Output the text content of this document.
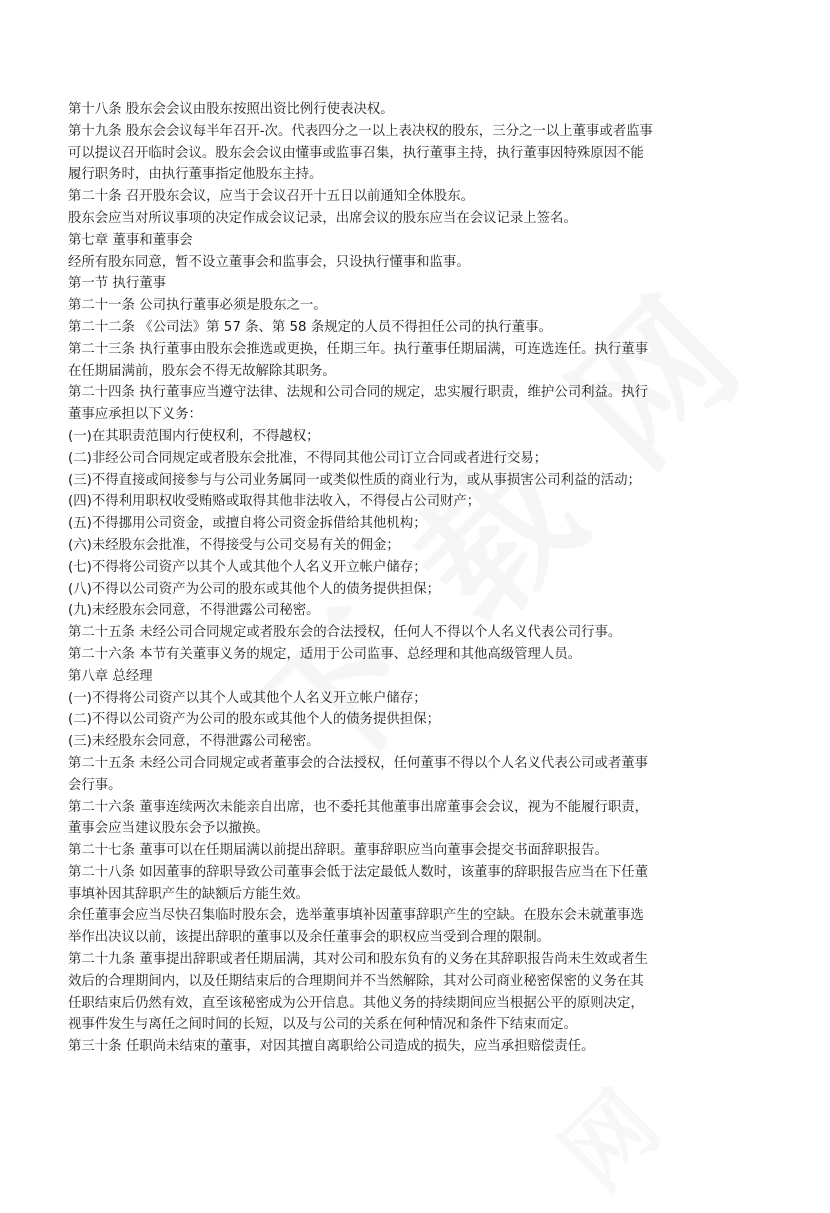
第十八条 股东会会议由股东按照出资比例行使表决权。
第十九条 股东会会议每半年召开-次。代表四分之一以上表决权的股东，三分之一以上董事或者监事
可以提议召开临时会议。股东会会议由懂事或监事召集，执行董事主持，执行董事因特殊原因不能
履行职务时，由执行董事指定他股东主持。
第二十条 召开股东会议，应当于会议召开十五日以前通知全体股东。
股东会应当对所议事项的决定作成会议记录，出席会议的股东应当在会议记录上签名。
第七章 董事和董事会
经所有股东同意，暂不设立董事会和监事会，只设执行懂事和监事。
第一节 执行董事
第二十一条 公司执行董事必须是股东之一。
第二十二条 《公司法》第 57 条、第 58 条规定的人员不得担任公司的执行董事。
第二十三条 执行董事由股东会推选或更换，任期三年。执行董事任期届满，可连选连任。执行董事
在任期届满前，股东会不得无故解除其职务。
第二十四条 执行董事应当遵守法律、法规和公司合同的规定，忠实履行职责，维护公司利益。执行
董事应承担以下义务：
(一)在其职责范围内行使权利，不得越权；
(二)非经公司合同规定或者股东会批准，不得同其他公司订立合同或者进行交易；
(三)不得直接或间接参与与公司业务属同一或类似性质的商业行为，或从事损害公司利益的活动；
(四)不得利用职权收受贿赂或取得其他非法收入，不得侵占公司财产；
(五)不得挪用公司资金，或擅自将公司资金拆借给其他机构；
(六)未经股东会批准，不得接受与公司交易有关的佣金；
(七)不得将公司资产以其个人或其他个人名义开立帐户储存；
(八)不得以公司资产为公司的股东或其他个人的债务提供担保；
(九)未经股东会同意，不得泄露公司秘密。
第二十五条 未经公司合同规定或者股东会的合法授权，任何人不得以个人名义代表公司行事。
第二十六条 本节有关董事义务的规定，适用于公司监事、总经理和其他高级管理人员。
第八章 总经理
(一)不得将公司资产以其个人或其他个人名义开立帐户储存；
(二)不得以公司资产为公司的股东或其他个人的债务提供担保；
(三)未经股东会同意，不得泄露公司秘密。
第二十五条 未经公司合同规定或者董事会的合法授权，任何董事不得以个人名义代表公司或者董事
会行事。
第二十六条 董事连续两次未能亲自出席，也不委托其他董事出席董事会会议，视为不能履行职责，
董事会应当建议股东会予以撤换。
第二十七条 董事可以在任期届满以前提出辞职。董事辞职应当向董事会提交书面辞职报告。
第二十八条 如因董事的辞职导致公司董事会低于法定最低人数时，该董事的辞职报告应当在下任董
事填补因其辞职产生的缺额后方能生效。
余任董事会应当尽快召集临时股东会，选举董事填补因董事辞职产生的空缺。在股东会未就董事选
举作出决议以前，该提出辞职的董事以及余任董事会的职权应当受到合理的限制。
第二十九条 董事提出辞职或者任期届满，其对公司和股东负有的义务在其辞职报告尚未生效或者生
效后的合理期间内，以及任期结束后的合理期间并不当然解除，其对公司商业秘密保密的义务在其
任职结束后仍然有效，直至该秘密成为公开信息。其他义务的持续期间应当根据公平的原则决定，
视事件发生与离任之间时间的长短，以及与公司的关系在何种情况和条件下结束而定。
第三十条 任职尚未结束的董事，对因其擅自离职给公司造成的损失，应当承担赔偿责任。
